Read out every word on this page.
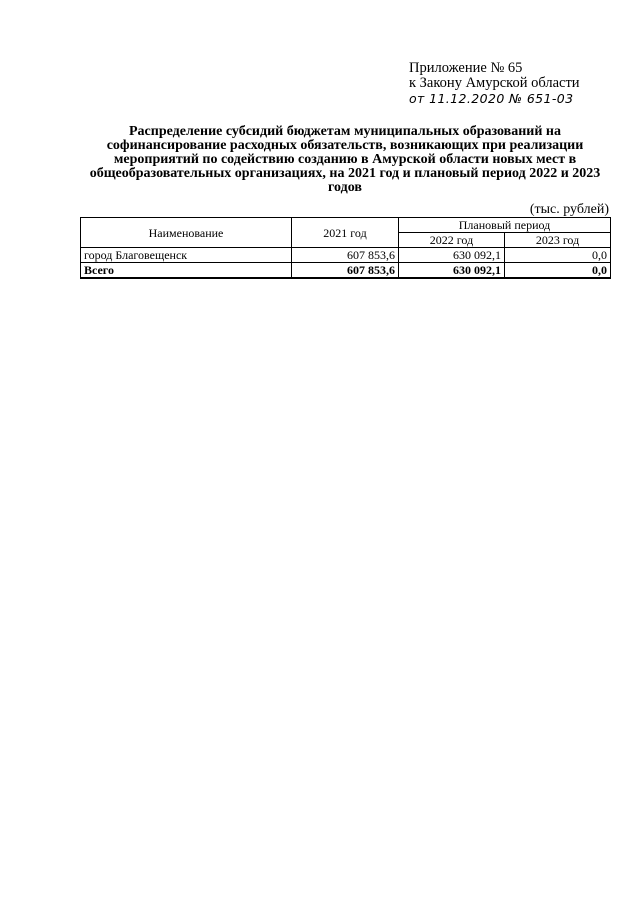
Приложение № 65
к Закону Амурской области
от 11.12.2020 № 651-03
Распределение субсидий бюджетам муниципальных образований на софинансирование расходных обязательств, возникающих при реализации мероприятий по содействию созданию в Амурской области новых мест в общеобразовательных организациях, на 2021 год и плановый период 2022 и 2023 годов
(тыс. рублей)
Наименование	2021 год	Плановый период	
		2022 год	2023 год
город Благовещенск	607 853,6	630 092,1	0,0
Всего	607 853,6	630 092,1	0,0
